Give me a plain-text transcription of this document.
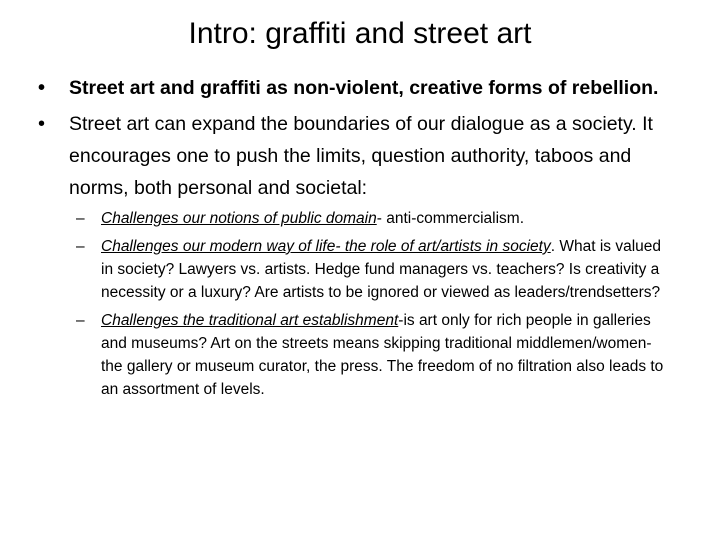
Intro: graffiti and street art
• Street art and graffiti as non-violent, creative forms of rebellion.
• Street art can expand the boundaries of our dialogue as a society. It encourages one to push the limits, question authority, taboos and norms, both personal and societal:
– Challenges our notions of public domain- anti-commercialism.
– Challenges our modern way of life- the role of art/artists in society. What is valued in society? Lawyers vs. artists. Hedge fund managers vs. teachers? Is creativity a necessity or a luxury? Are artists to be ignored or viewed as leaders/trendsetters?
– Challenges the traditional art establishment-is art only for rich people in galleries and museums? Art on the streets means skipping traditional middlemen/women- the gallery or museum curator, the press. The freedom of no filtration also leads to an assortment of levels.
